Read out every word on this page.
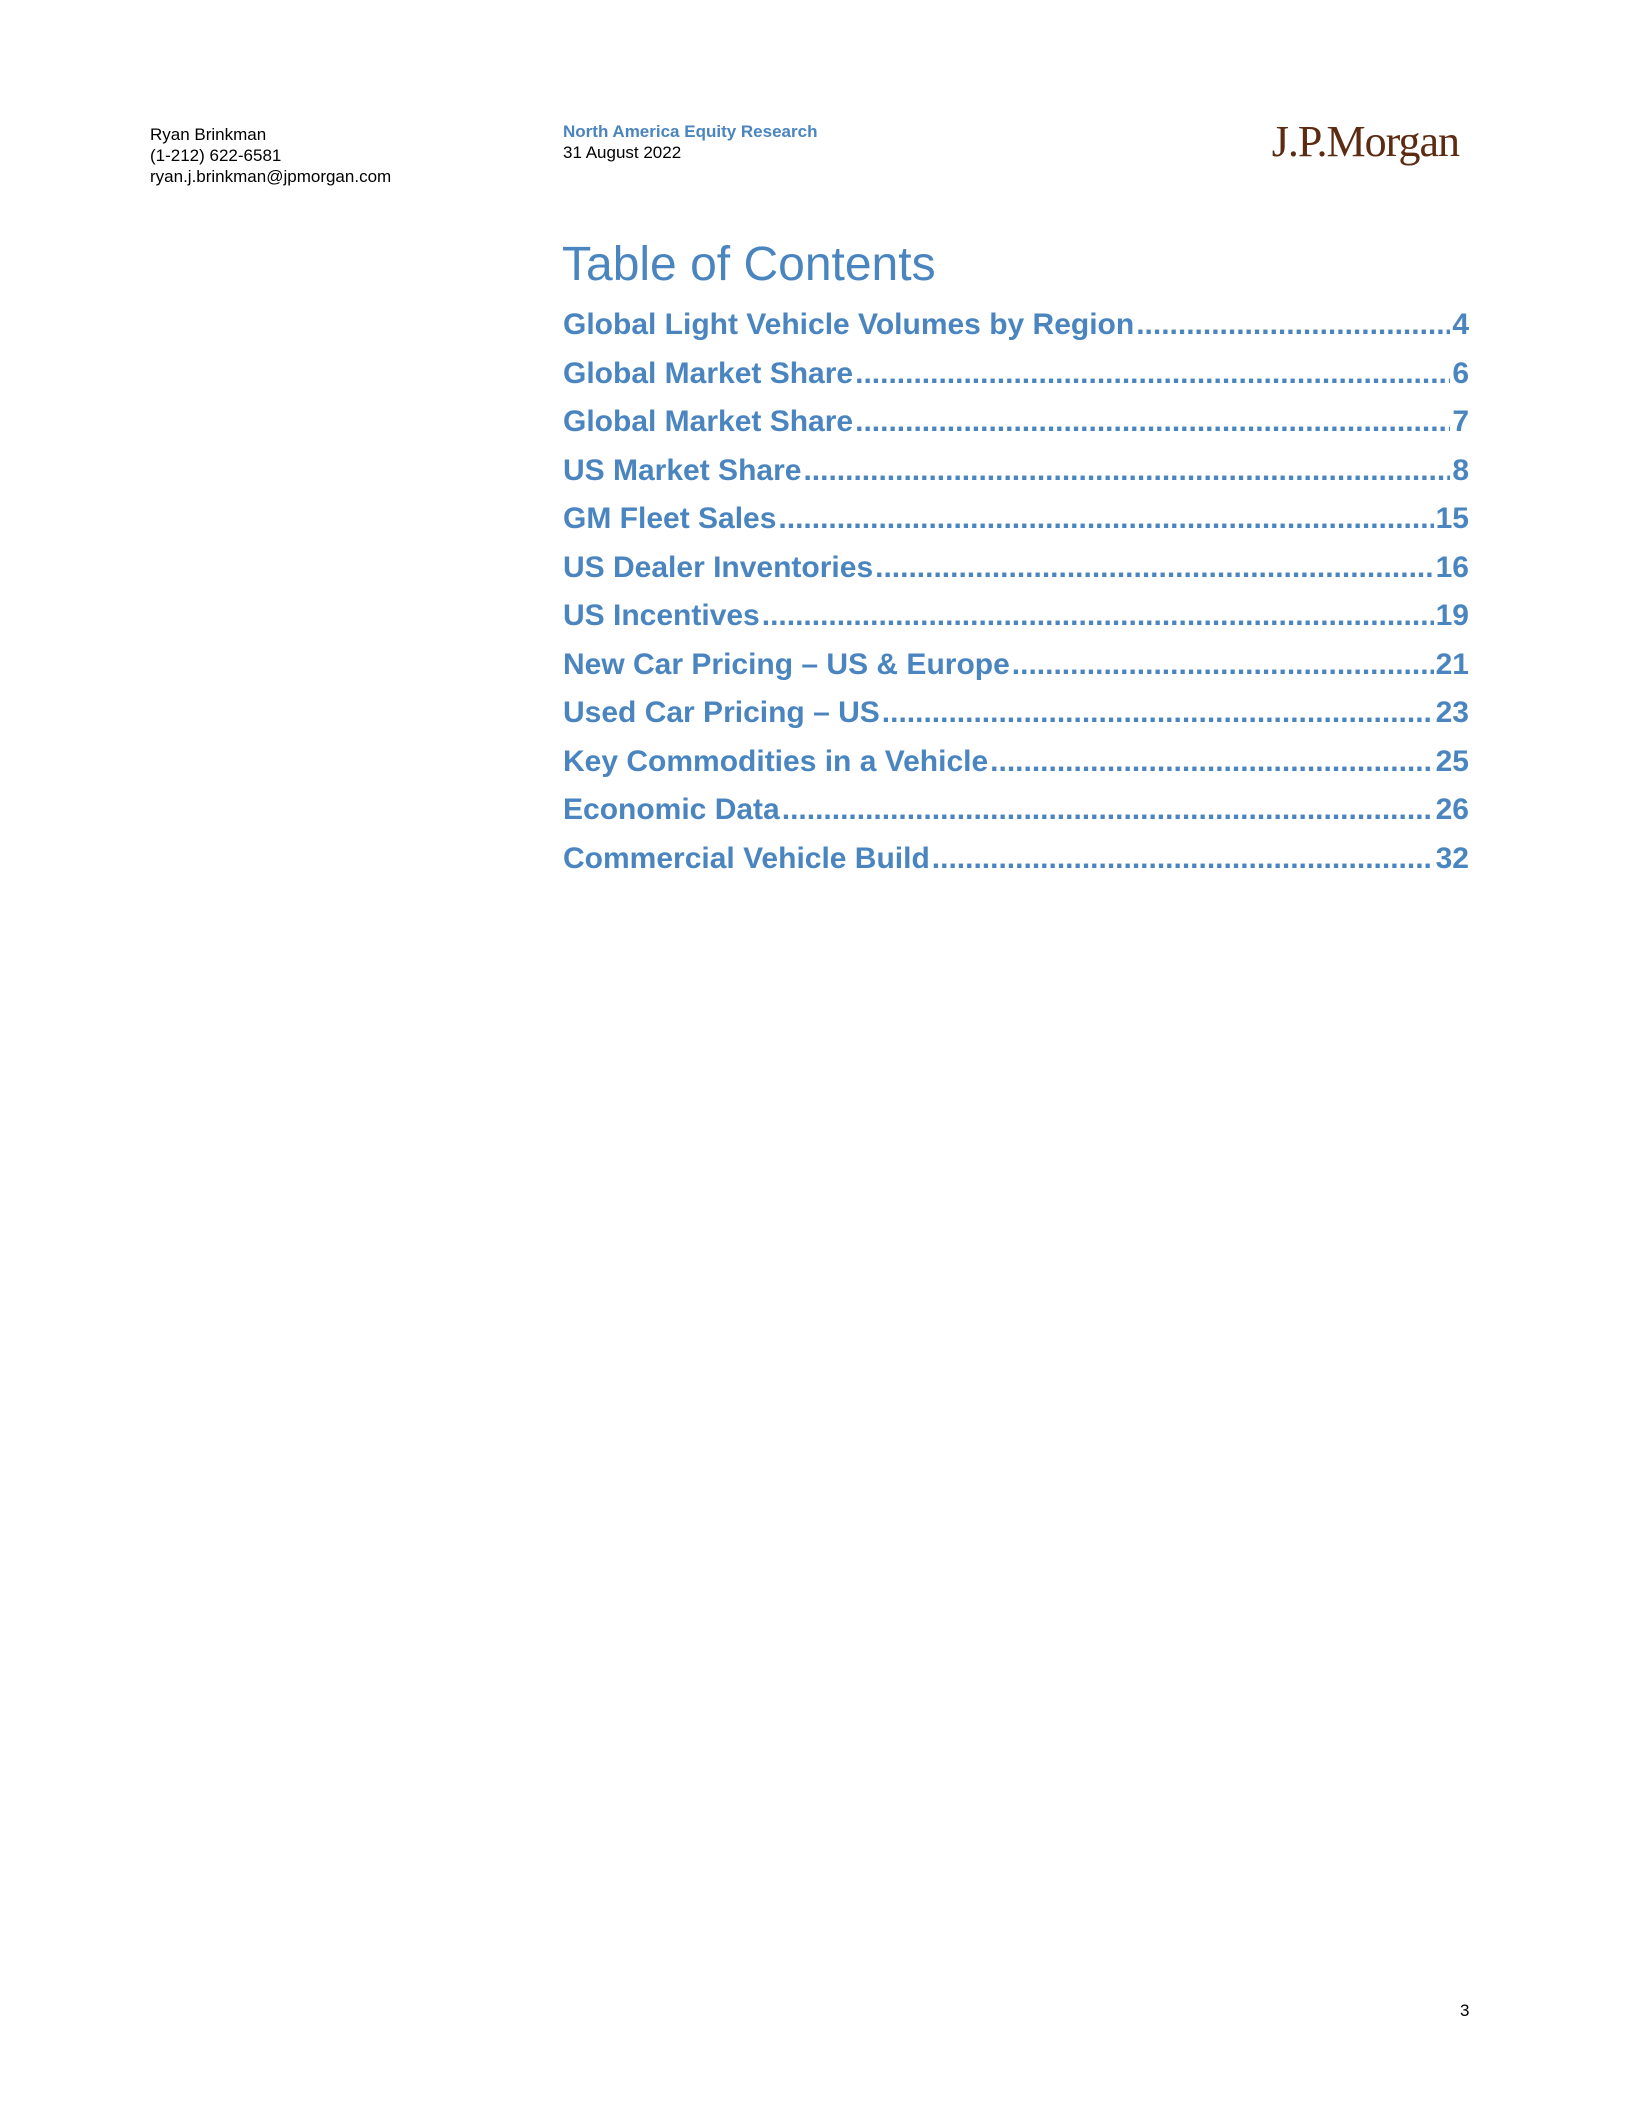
Ryan Brinkman
(1-212) 622-6581
ryan.j.brinkman@jpmorgan.com
North America Equity Research
31 August 2022	J.P.Morgan
Table of Contents
Global Light Vehicle Volumes by Region .....	4
Global Market Share .....	6
Global Market Share .....	7
US Market Share .....	8
GM Fleet Sales .....	15
US Dealer Inventories .....	16
US Incentives .....	19
New Car Pricing – US & Europe .....	21
Used Car Pricing – US .....	23
Key Commodities in a Vehicle .....	25
Economic Data .....	26
Commercial Vehicle Build .....	32
3
